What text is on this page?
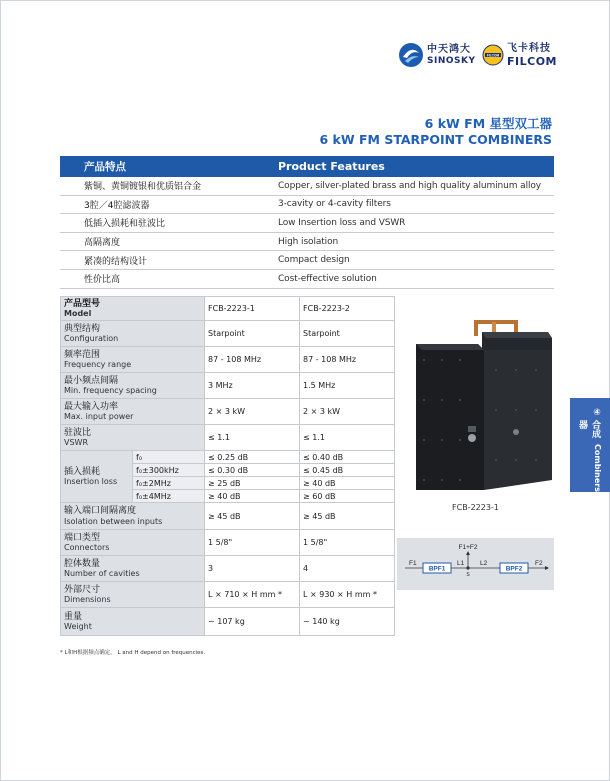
中天鸿大
SINOSKY
FILCOM
飞卡科技
FILCOM
6 kW FM 星型双工器
6 kW FM STARPOINT COMBINERS
产品特点	Product Features
紫铜、黄铜镀银和优质铝合金	Copper, silver-plated brass and high quality aluminum alloy
3腔／4腔滤波器	3-cavity or 4-cavity filters
低插入损耗和驻波比	Low Insertion loss and VSWR
高隔离度	High isolation
紧凑的结构设计	Compact design
性价比高	Cost-effective solution
产品型号
Model		FCB-2223-1	FCB-2223-2

典型结构
Configuration		Starpoint	Starpoint

频率范围
Frequency range		87 - 108 MHz	87 - 108 MHz

最小频点间隔
Min. frequency spacing		3 MHz	1.5 MHz

最大输入功率
Max. input power		2 × 3 kW	2 × 3 kW

驻波比
VSWR		≤ 1.1	≤ 1.1

插入损耗
Insertion loss	f₀	≤ 0.25 dB	≤ 0.40 dB
	f₀±300kHz	≤ 0.30 dB	≤ 0.45 dB
	f₀±2MHz	≥ 25 dB	≥ 40 dB
	f₀±4MHz	≥ 40 dB	≥ 60 dB

输入端口间隔离度
Isolation between inputs		≥ 45 dB	≥ 45 dB

端口类型
Connectors		1 5/8"	1 5/8"

腔体数量
Number of cavities		3	4

外部尺寸
Dimensions		L × 710 × H mm *	L × 930 × H mm *

重量
Weight		~ 107 kg	~ 140 kg
* L和H根据频点确定。 L and H depend on frequencies.
FCB-2223-1
BPF1	BPF2
F1	F2
F1+F2
L1 L2
S
④
合成器
Combiners
